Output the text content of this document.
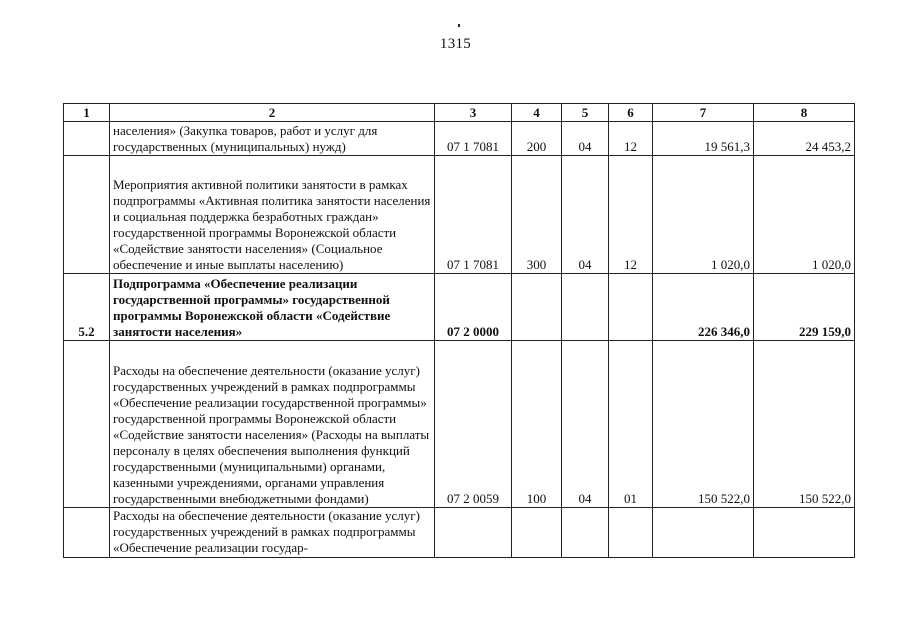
1315
1	2	3	4	5	6	7	8
	населения» (Закупка товаров, работ и услуг для государственных (муниципальных) нужд)	07 1 7081	200	04	12	19 561,3	24 453,2
	Мероприятия активной политики занятости в рамках подпрограммы «Активная политика занятости населения и социальная поддержка безработных граждан» государственной программы Воронежской области «Содействие занятости населения» (Социальное обеспечение и иные выплаты населению)	07 1 7081	300	04	12	1 020,0	1 020,0
5.2	Подпрограмма «Обеспечение реализации государственной программы» государственной программы Воронежской области «Содействие занятости населения»	07 2 0000				226 346,0	229 159,0
	Расходы на обеспечение деятельности (оказание услуг) государственных учреждений в рамках подпрограммы «Обеспечение реализации государственной программы» государственной программы Воронежской области «Содействие занятости населения» (Расходы на выплаты персоналу в целях обеспечения выполнения функций государственными (муниципальными) органами, казенными учреждениями, органами управления государственными внебюджетными фондами)	07 2 0059	100	04	01	150 522,0	150 522,0
	Расходы на обеспечение деятельности (оказание услуг) государственных учреждений в рамках подпрограммы «Обеспечение реализации государ-						
